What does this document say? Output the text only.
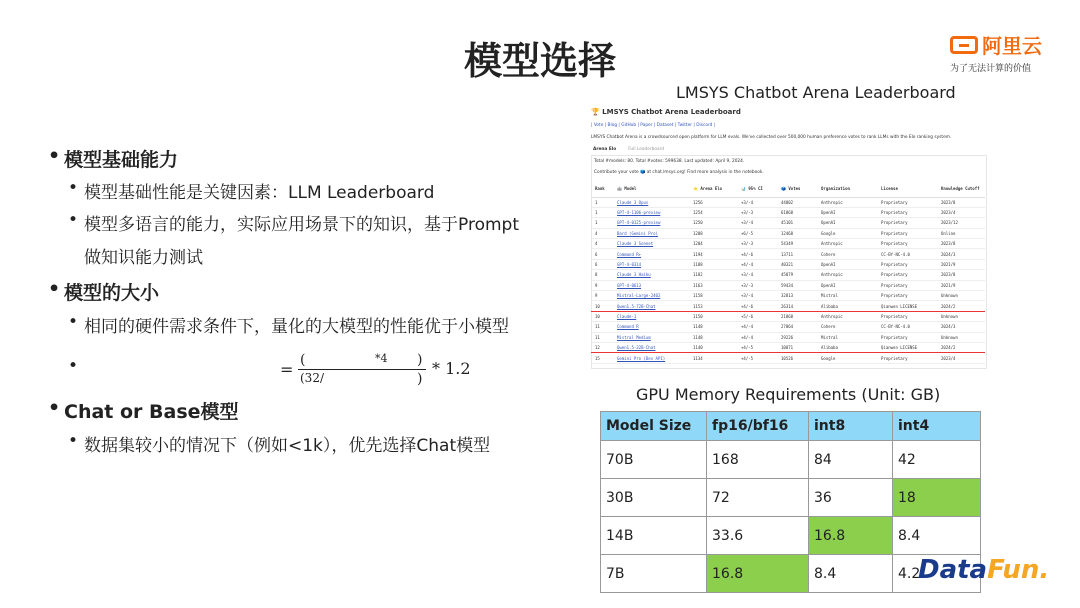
模型选择	阿里云
为了无法计算的价值
• 模型基础能力
• 模型基础性能是关键因素：LLM Leaderboard
• 模型多语言的能力，实际应用场景下的知识，基于Prompt
做知识能力测试
• 模型的大小
• 相同的硬件需求条件下，量化的大模型的性能优于小模型
• Chat or Base模型
• 数据集较小的情况下（例如<1k），优先选择Chat模型
= (	*4 )
(32/	)
* 1.2
LMSYS Chatbot Arena Leaderboard
🏆 LMSYS Chatbot Arena Leaderboard
| Vote | Blog | GitHub | Paper | Dataset | Twitter | Discord |
LMSYS Chatbot Arena is a crowdsourced open platform for LLM evals. We've collected over 500,000 human preference votes to rank LLMs with the Elo ranking system.
Arena Elo	Full Leaderboard
Total #models: 80. Total #votes: 599638. Last updated: April 9, 2024.
Contribute your vote 🗳️ at chat.lmsys.org! Find more analysis in the notebook.
Rank	🤖 Model	⭐ Arena Elo	📊 95% CI	🗳️ Votes	Organization	License	Knowledge Cutoff
1	Claude 3 Opus	1256	+3/-4	44802	Anthropic	Proprietary	2023/8
1	GPT-4-1106-preview	1254	+3/-3	61868	OpenAI	Proprietary	2023/4
1	GPT-4-0125-preview	1250	+3/-4	45101	OpenAI	Proprietary	2023/12
4	Bard (Gemini Pro)	1208	+6/-5	12468	Google	Proprietary	Online
4	Claude 3 Sonnet	1204	+3/-3	54349	Anthropic	Proprietary	2023/8
6	Command R+	1194	+4/-6	13711	Cohere	CC-BY-NC-4.0	2024/3
6	GPT-4-0314	1188	+4/-4	40321	OpenAI	Proprietary	2021/9
8	Claude 3 Haiku	1182	+3/-4	45879	Anthropic	Proprietary	2023/8
9	GPT-4-0613	1163	+3/-3	59434	OpenAI	Proprietary	2021/9
9	Mistral-Large-2402	1158	+3/-4	32813	Mistral	Proprietary	Unknown
10	Qwen1.5-72B-Chat	1153	+4/-6	26314	Alibaba	Qianwen LICENSE	2024/2
10	Claude-1	1150	+5/-6	21868	Anthropic	Proprietary	Unknown
11	Command R	1148	+4/-4	27864	Cohere	CC-BY-NC-4.0	2024/3
11	Mistral Medium	1148	+4/-4	29226	Mistral	Proprietary	Unknown
12	Qwen1.5-32B-Chat	1140	+4/-5	10871	Alibaba	Qianwen LICENSE	2024/2
15	Gemini Pro (Dev API)	1134	+4/-5	10526	Google	Proprietary	2023/4
GPU Memory Requirements (Unit: GB)
Model Size	fp16/bf16	int8	int4
70B	168	84	42
30B	72	36	18
14B	33.6	16.8	8.4
7B	16.8	8.4	4.2
DataFun.
